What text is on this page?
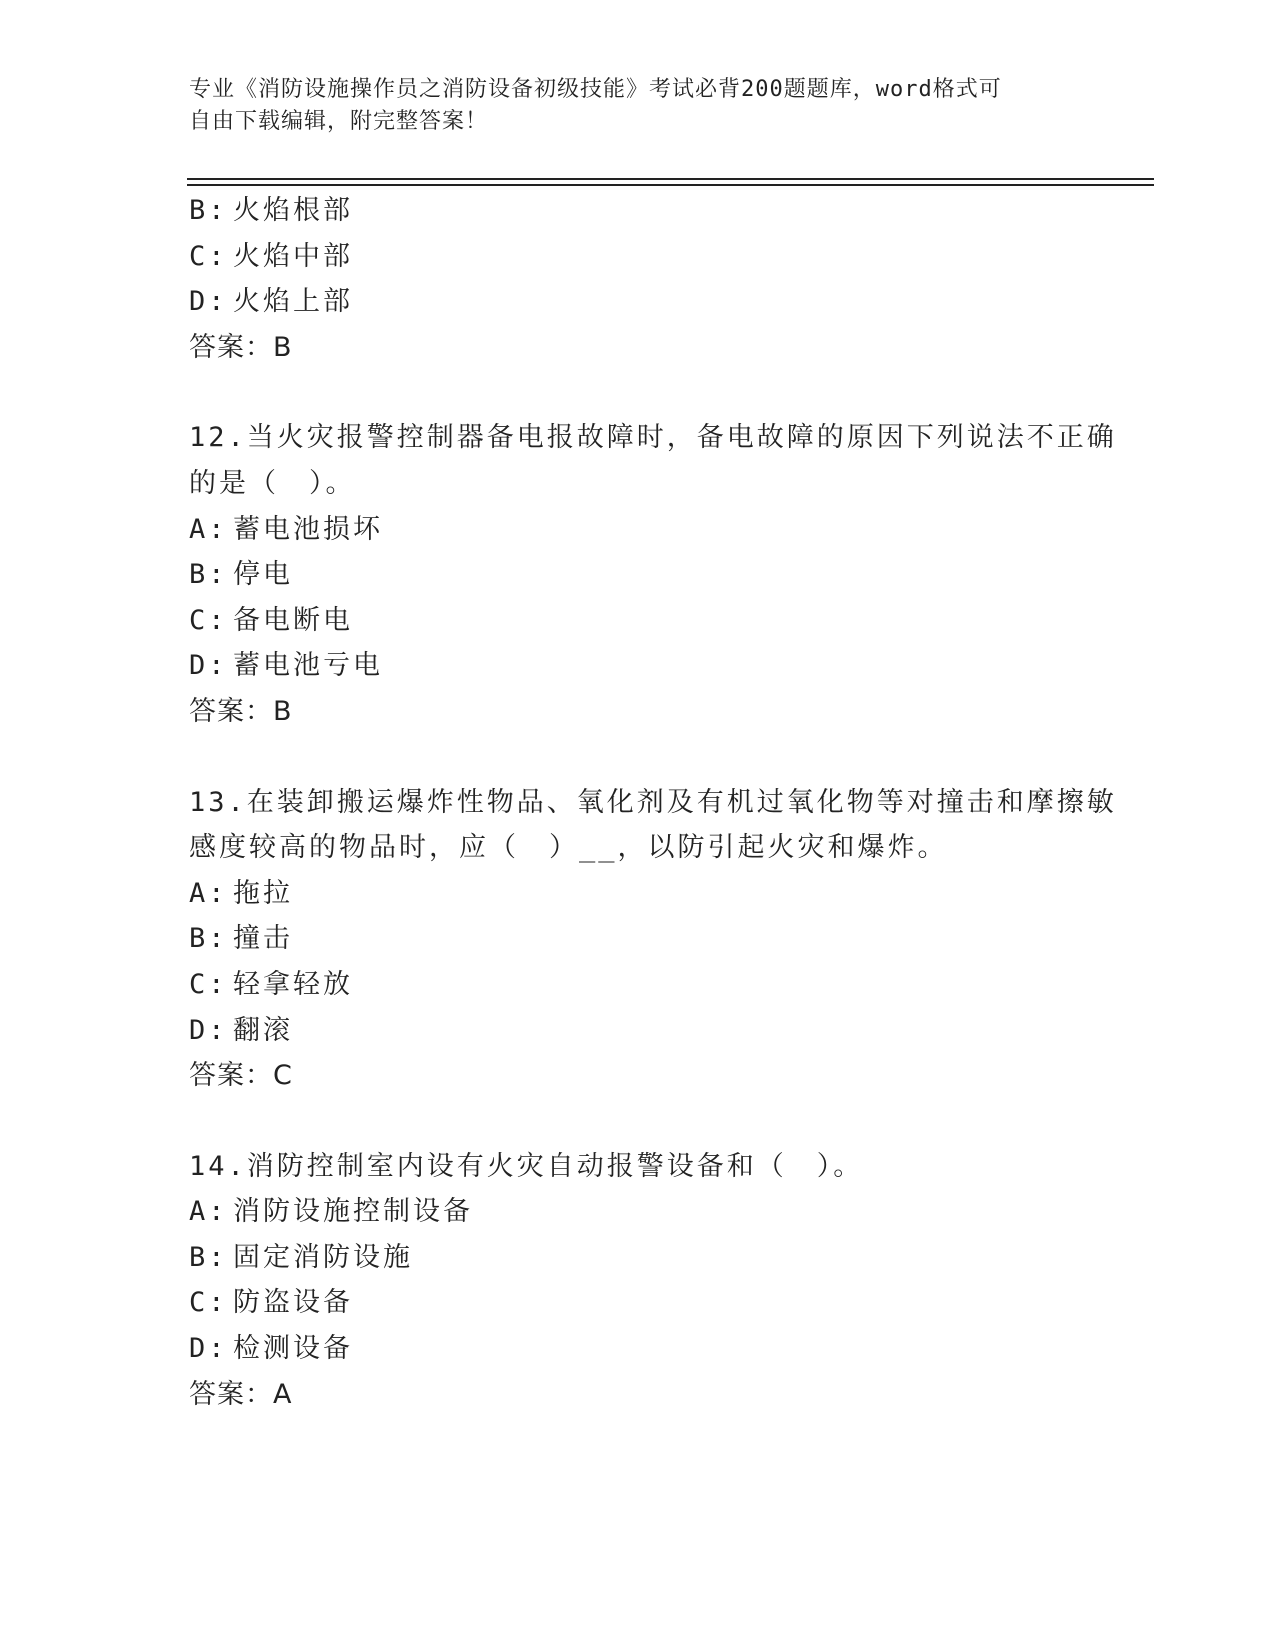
专业《消防设施操作员之消防设备初级技能》考试必背200题题库，word格式可
自由下载编辑，附完整答案！
B: 火焰根部
C: 火焰中部
D: 火焰上部
答案：B
12.当火灾报警控制器备电报故障时，备电故障的原因下列说法不正确
的是（　）。
A: 蓄电池损坏
B: 停电
C: 备电断电
D: 蓄电池亏电
答案：B
13.在装卸搬运爆炸性物品、氧化剂及有机过氧化物等对撞击和摩擦敏
感度较高的物品时，应（　）__，以防引起火灾和爆炸。
A: 拖拉
B: 撞击
C: 轻拿轻放
D: 翻滚
答案：C
14.消防控制室内设有火灾自动报警设备和（　）。
A: 消防设施控制设备
B: 固定消防设施
C: 防盗设备
D: 检测设备
答案：A
